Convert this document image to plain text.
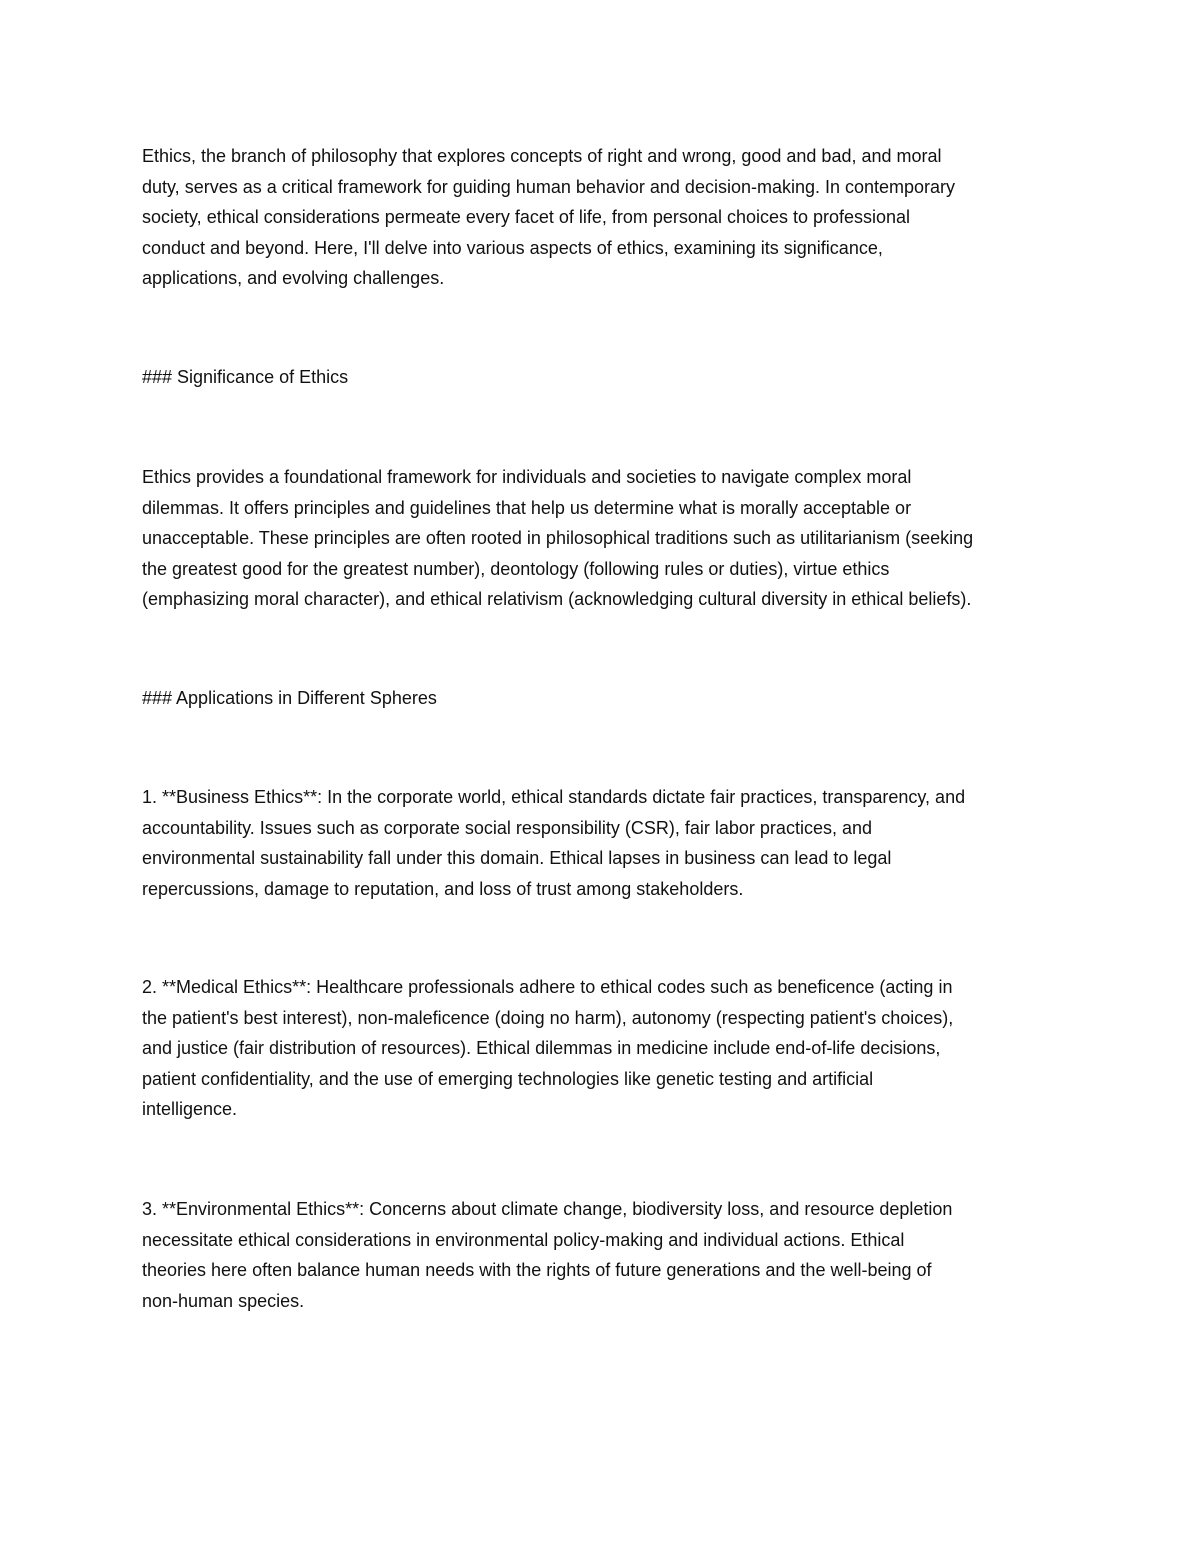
Ethics, the branch of philosophy that explores concepts of right and wrong, good and bad, and moral
duty, serves as a critical framework for guiding human behavior and decision-making. In contemporary
society, ethical considerations permeate every facet of life, from personal choices to professional
conduct and beyond. Here, I'll delve into various aspects of ethics, examining its significance,
applications, and evolving challenges.

### Significance of Ethics

Ethics provides a foundational framework for individuals and societies to navigate complex moral
dilemmas. It offers principles and guidelines that help us determine what is morally acceptable or
unacceptable. These principles are often rooted in philosophical traditions such as utilitarianism (seeking
the greatest good for the greatest number), deontology (following rules or duties), virtue ethics
(emphasizing moral character), and ethical relativism (acknowledging cultural diversity in ethical beliefs).

### Applications in Different Spheres

1. **Business Ethics**: In the corporate world, ethical standards dictate fair practices, transparency, and
accountability. Issues such as corporate social responsibility (CSR), fair labor practices, and
environmental sustainability fall under this domain. Ethical lapses in business can lead to legal
repercussions, damage to reputation, and loss of trust among stakeholders.

2. **Medical Ethics**: Healthcare professionals adhere to ethical codes such as beneficence (acting in
the patient's best interest), non-maleficence (doing no harm), autonomy (respecting patient's choices),
and justice (fair distribution of resources). Ethical dilemmas in medicine include end-of-life decisions,
patient confidentiality, and the use of emerging technologies like genetic testing and artificial
intelligence.

3. **Environmental Ethics**: Concerns about climate change, biodiversity loss, and resource depletion
necessitate ethical considerations in environmental policy-making and individual actions. Ethical
theories here often balance human needs with the rights of future generations and the well-being of
non-human species.
